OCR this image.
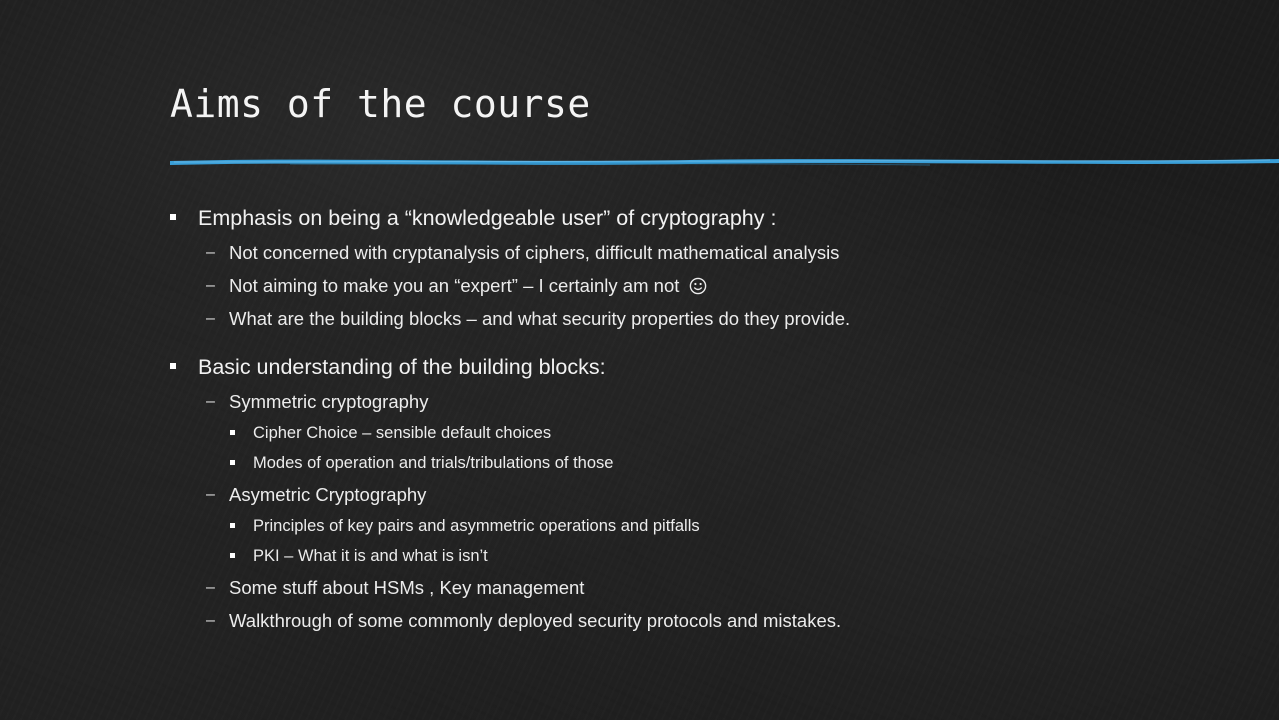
Aims of the course
Emphasis on being a “knowledgeable user” of cryptography :
– Not concerned with cryptanalysis of ciphers, difficult mathematical analysis
– Not aiming to make you an “expert” – I certainly am not
– What are the building blocks – and what security properties do they provide.
Basic understanding of the building blocks:
– Symmetric cryptography
Cipher Choice – sensible default choices
Modes of operation and trials/tribulations of those
– Asymetric Cryptography
Principles of key pairs and asymmetric operations and pitfalls
PKI – What it is and what is isn’t
– Some stuff about HSMs , Key management
– Walkthrough of some commonly deployed security protocols and mistakes.
